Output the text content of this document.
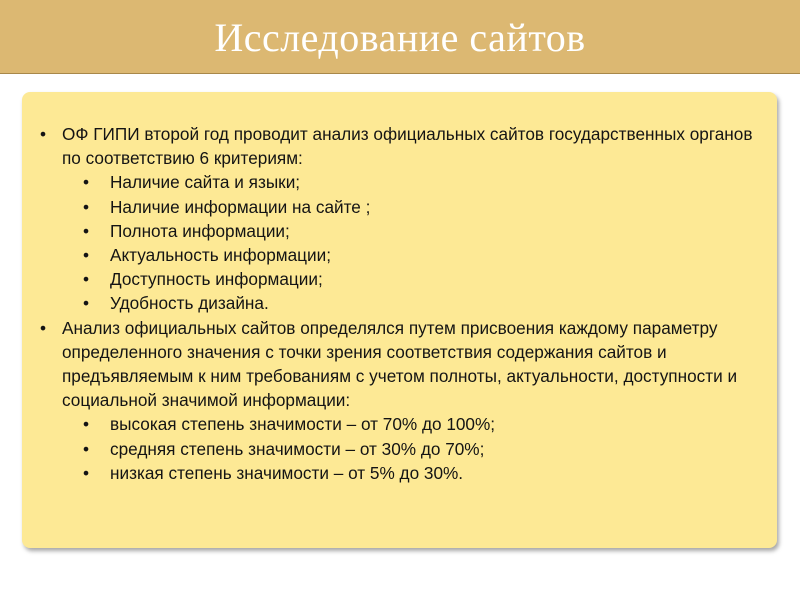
Исследование сайтов
• ОФ ГИПИ второй год проводит анализ официальных сайтов государственных органов по соответствию 6 критериям:
• Наличие сайта и языки;
• Наличие информации на сайте ;
• Полнота информации;
• Актуальность информации;
• Доступность информации;
• Удобность дизайна.
• Анализ официальных сайтов определялся путем присвоения каждому параметру определенного значения с точки зрения соответствия содержания сайтов и предъявляемым к ним требованиям с учетом полноты, актуальности, доступности и социальной значимой информации:
• высокая степень значимости – от 70% до 100%;
• средняя степень значимости – от 30% до 70%;
• низкая степень значимости – от 5% до 30%.
